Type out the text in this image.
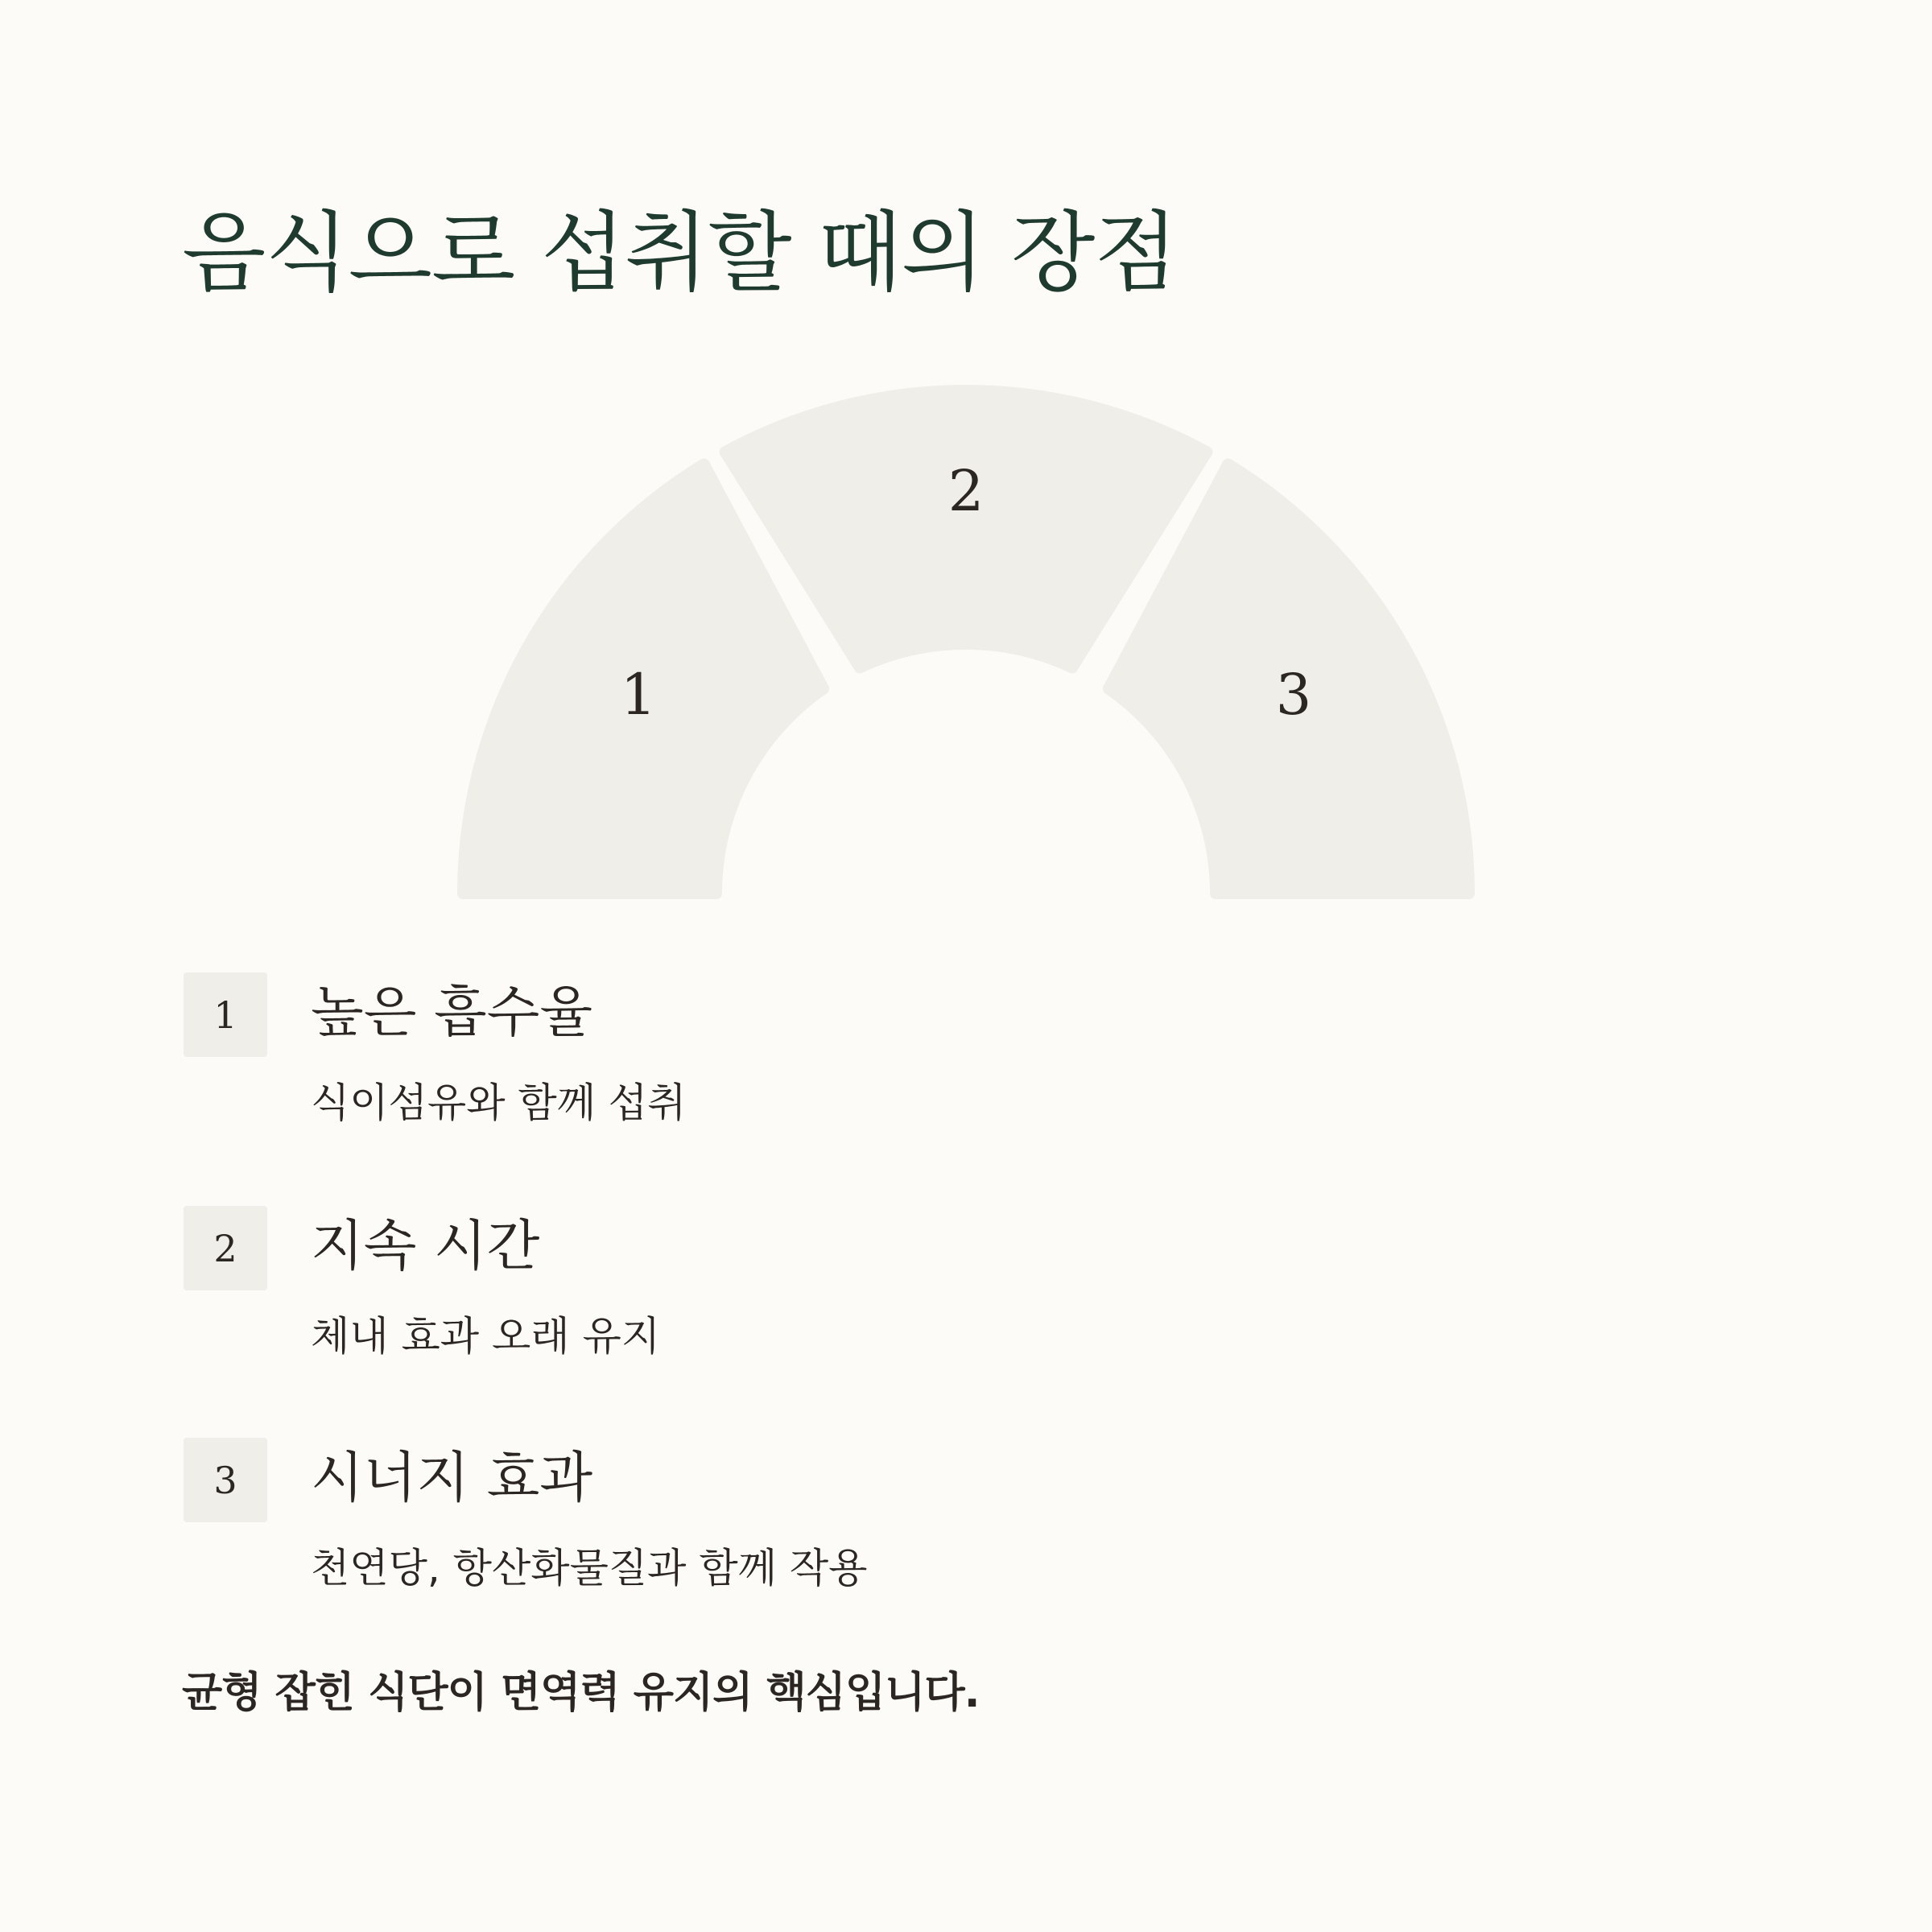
음식으로 섭취할 때의 장점
1
2
3
1	높은 흡수율
식이섬유와 함께 섭취
2	지속 시간
체내 효과 오래 유지
3	시너지 효과
천연당, 항산화물질과 함께 작용

균형 잡힌 식단이 면역력 유지의 핵심입니다.
